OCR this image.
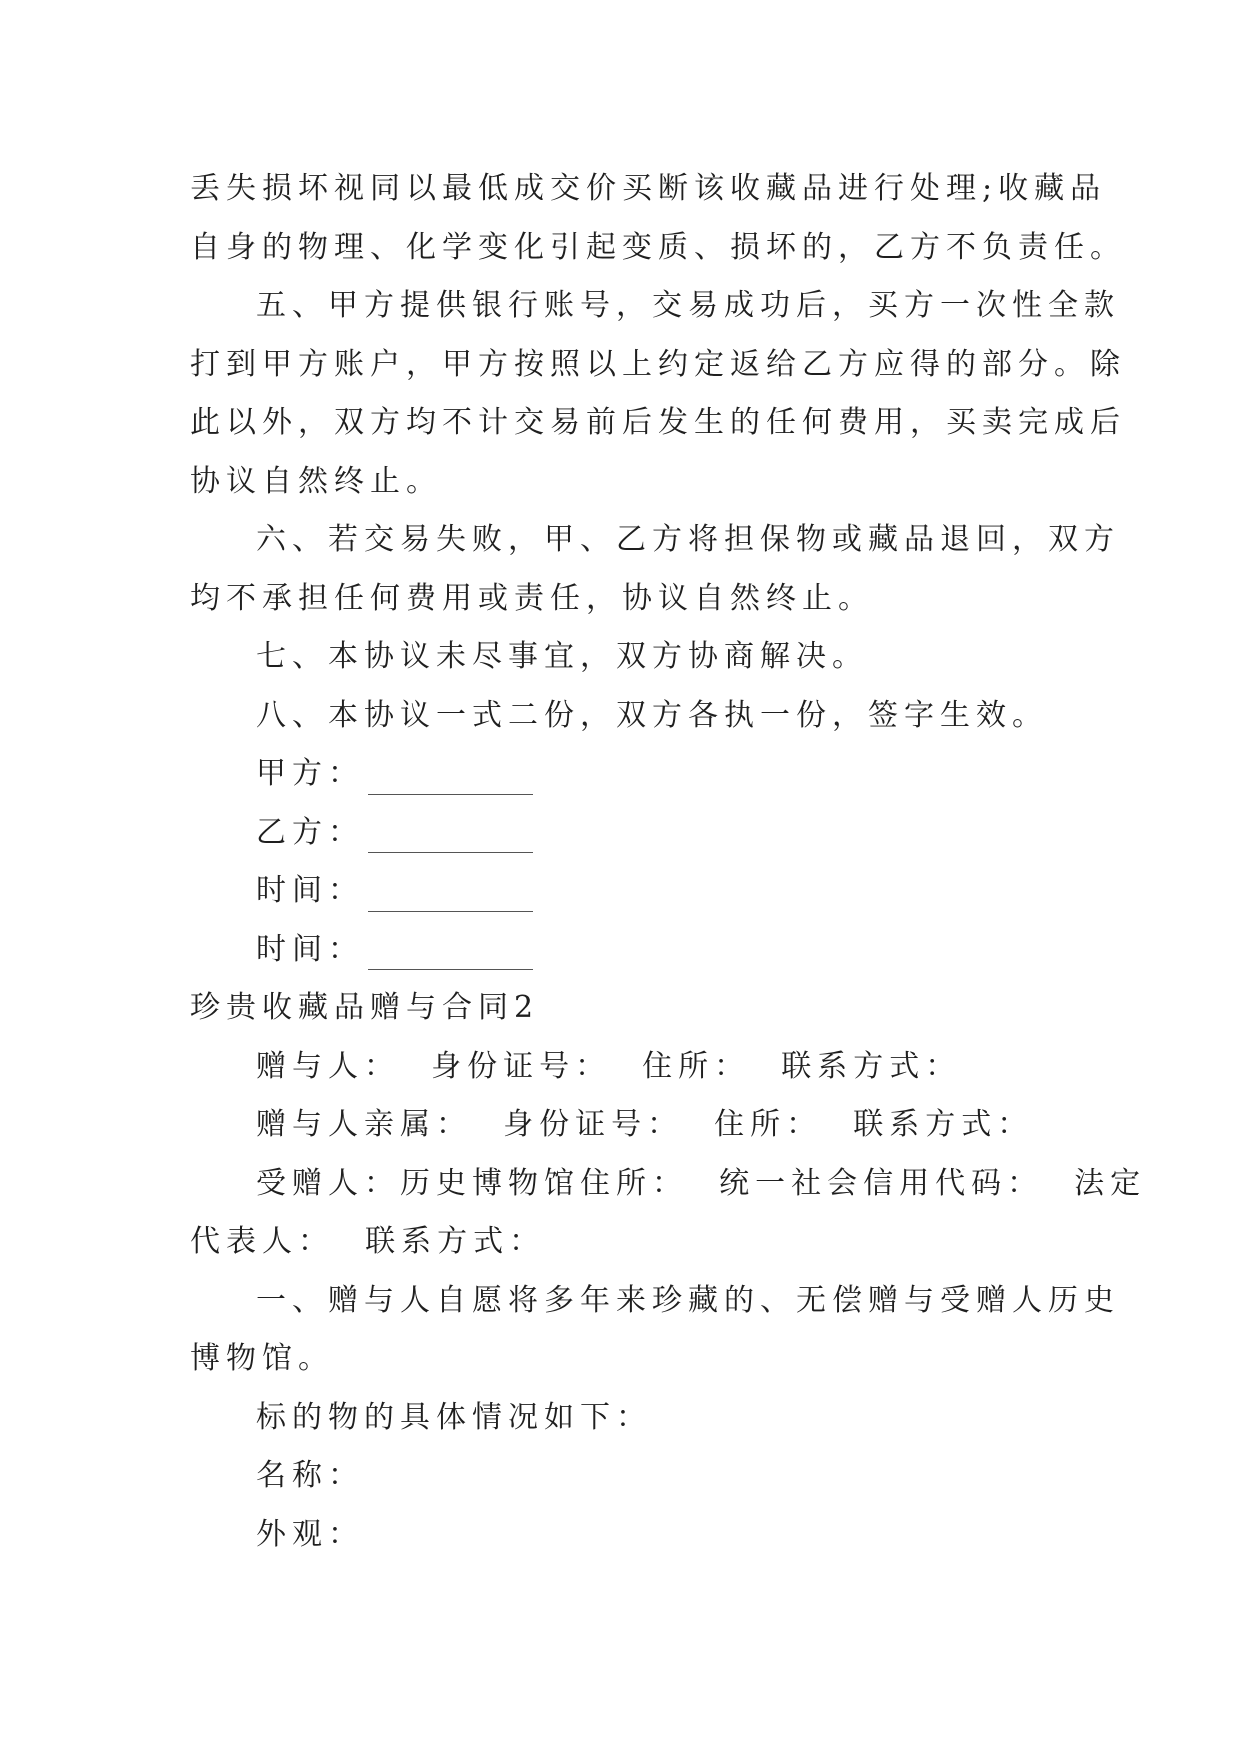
丢失损坏视同以最低成交价买断该收藏品进行处理;收藏品
自身的物理、化学变化引起变质、损坏的，乙方不负责任。
五、甲方提供银行账号，交易成功后，买方一次性全款
打到甲方账户，甲方按照以上约定返给乙方应得的部分。除
此以外，双方均不计交易前后发生的任何费用，买卖完成后
协议自然终止。
六、若交易失败，甲、乙方将担保物或藏品退回，双方
均不承担任何费用或责任，协议自然终止。
七、本协议未尽事宜，双方协商解决。
八、本协议一式二份，双方各执一份，签字生效。
甲方：
乙方：
时间：
时间：
珍贵收藏品赠与合同2
赠与人：  身份证号：  住所：  联系方式：
赠与人亲属：  身份证号：  住所：  联系方式：
受赠人：历史博物馆住所：  统一社会信用代码：  法定
代表人：  联系方式：
一、赠与人自愿将多年来珍藏的、无偿赠与受赠人历史
博物馆。
标的物的具体情况如下：
名称：
外观：
